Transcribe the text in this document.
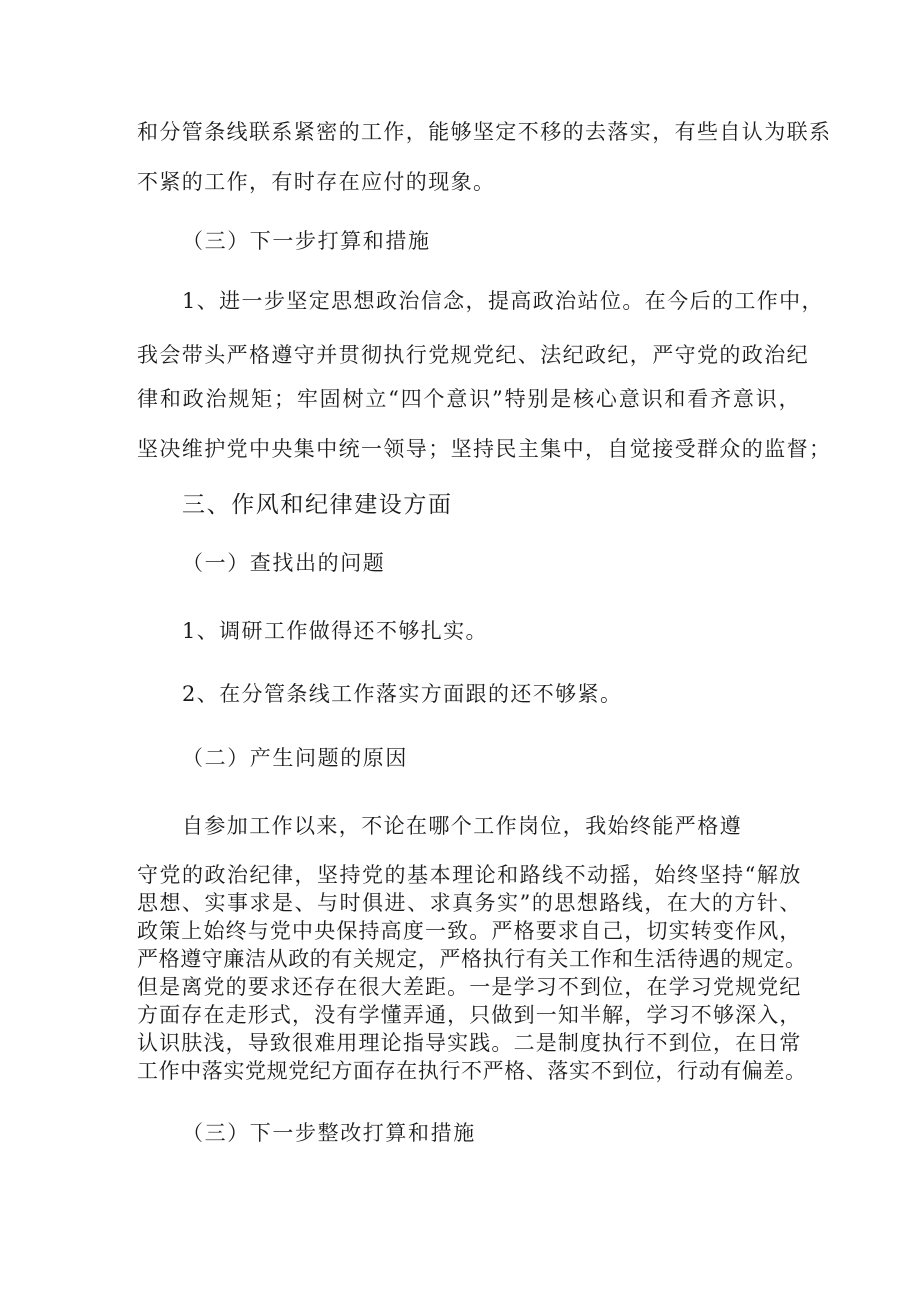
和分管条线联系紧密的工作，能够坚定不移的去落实，有些自认为联系
不紧的工作，有时存在应付的现象。
（三）下一步打算和措施
1、进一步坚定思想政治信念，提高政治站位。在今后的工作中，
我会带头严格遵守并贯彻执行党规党纪、法纪政纪，严守党的政治纪
律和政治规矩；牢固树立“四个意识”特别是核心意识和看齐意识，
坚决维护党中央集中统一领导；坚持民主集中，自觉接受群众的监督；
三、作风和纪律建设方面
（一）查找出的问题
1、调研工作做得还不够扎实。
2、在分管条线工作落实方面跟的还不够紧。
（二）产生问题的原因
自参加工作以来，不论在哪个工作岗位，我始终能严格遵
守党的政治纪律，坚持党的基本理论和路线不动摇，始终坚持“解放
思想、实事求是、与时俱进、求真务实”的思想路线，在大的方针、
政策上始终与党中央保持高度一致。严格要求自己，切实转变作风，
严格遵守廉洁从政的有关规定，严格执行有关工作和生活待遇的规定。
但是离党的要求还存在很大差距。一是学习不到位，在学习党规党纪
方面存在走形式，没有学懂弄通，只做到一知半解，学习不够深入，
认识肤浅，导致很难用理论指导实践。二是制度执行不到位，在日常
工作中落实党规党纪方面存在执行不严格、落实不到位，行动有偏差。
（三）下一步整改打算和措施
